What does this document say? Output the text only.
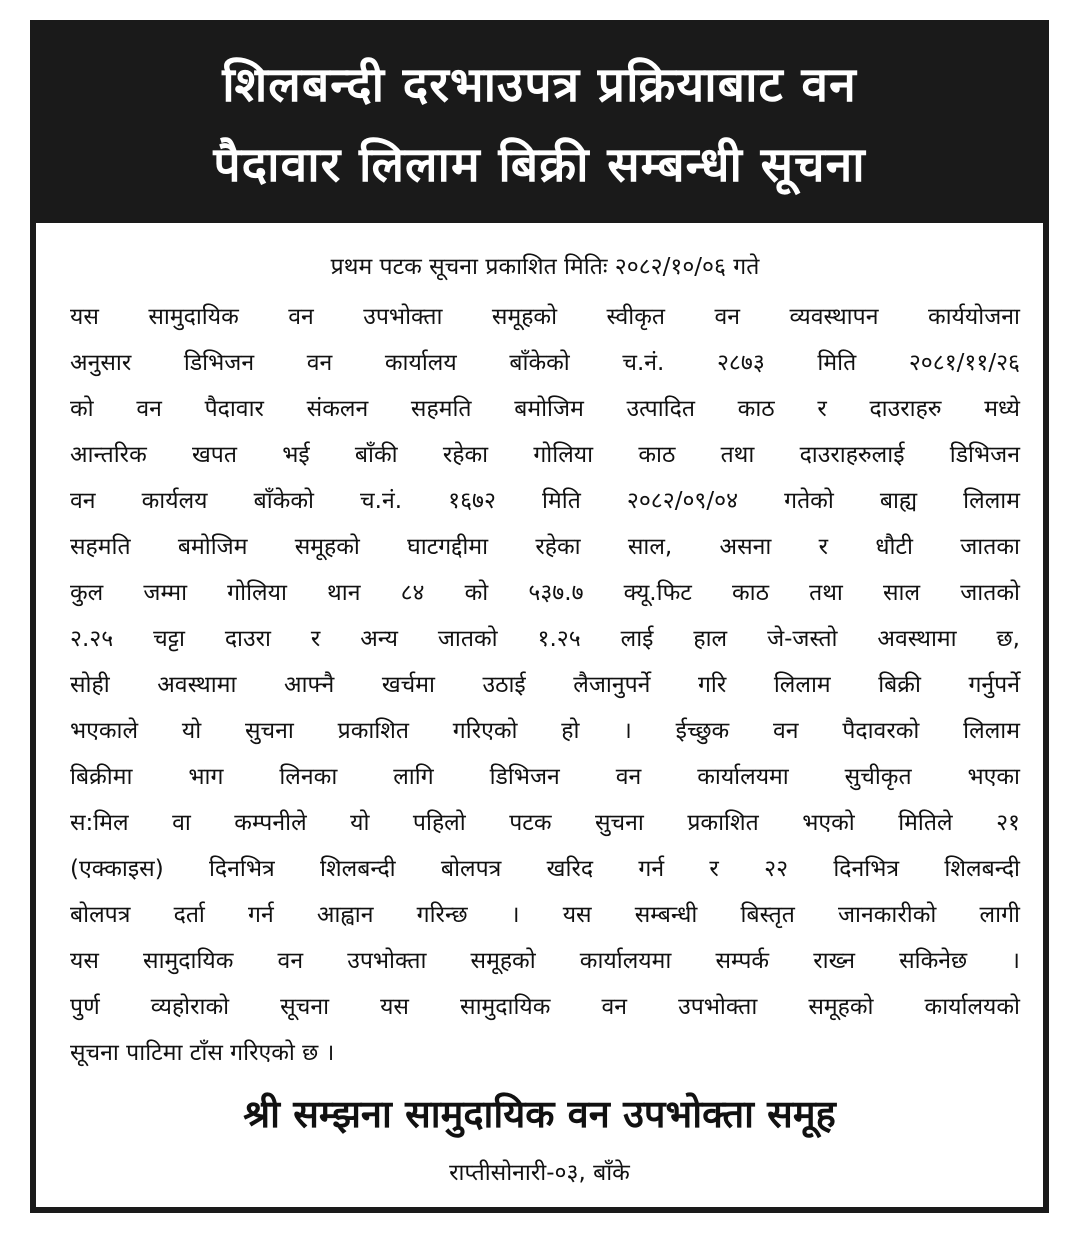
शिलबन्दी दरभाउपत्र प्रक्रियाबाट वन
पैदावार लिलाम बिक्री सम्बन्धी सूचना
प्रथम पटक सूचना प्रकाशित मितिः २०८२/१०/०६ गते
यस सामुदायिक वन उपभोक्ता समूहको स्वीकृत वन व्यवस्थापन कार्ययोजना
अनुसार डिभिजन वन कार्यालय बाँकेको च.नं. २८७३ मिति २०८१/११/२६
को वन पैदावार संकलन सहमति बमोजिम उत्पादित काठ र दाउराहरु मध्ये
आन्तरिक खपत भई बाँकी रहेका गोलिया काठ तथा दाउराहरुलाई डिभिजन
वन कार्यलय बाँकेको च.नं. १६७२ मिति २०८२/०९/०४ गतेको बाह्य लिलाम
सहमति बमोजिम समूहको घाटगद्दीमा रहेका साल, असना र धौटी जातका
कुल जम्मा गोलिया थान ८४ को ५३७.७ क्यू.फिट काठ तथा साल जातको
२.२५ चट्टा दाउरा र अन्य जातको १.२५ लाई हाल जे-जस्तो अवस्थामा छ,
सोही अवस्थामा आफ्नै खर्चमा उठाई लैजानुपर्ने गरि लिलाम बिक्री गर्नुपर्ने
भएकाले यो सुचना प्रकाशित गरिएको हो । ईच्छुक वन पैदावरको लिलाम
बिक्रीमा भाग लिनका लागि डिभिजन वन कार्यालयमा सुचीकृत भएका
स:मिल वा कम्पनीले यो पहिलो पटक सुचना प्रकाशित भएको मितिले २१
(एक्काइस) दिनभित्र शिलबन्दी बोलपत्र खरिद गर्न र २२ दिनभित्र शिलबन्दी
बोलपत्र दर्ता गर्न आह्वान गरिन्छ । यस सम्बन्धी बिस्तृत जानकारीको लागी
यस सामुदायिक वन उपभोक्ता समूहको कार्यालयमा सम्पर्क राख्न सकिनेछ ।
पुर्ण व्यहोराको सूचना यस सामुदायिक वन उपभोक्ता समूहको कार्यालयको
सूचना पाटिमा टाँस गरिएको छ ।
श्री सम्झना सामुदायिक वन उपभोक्ता समूह
राप्तीसोनारी-०३, बाँके
